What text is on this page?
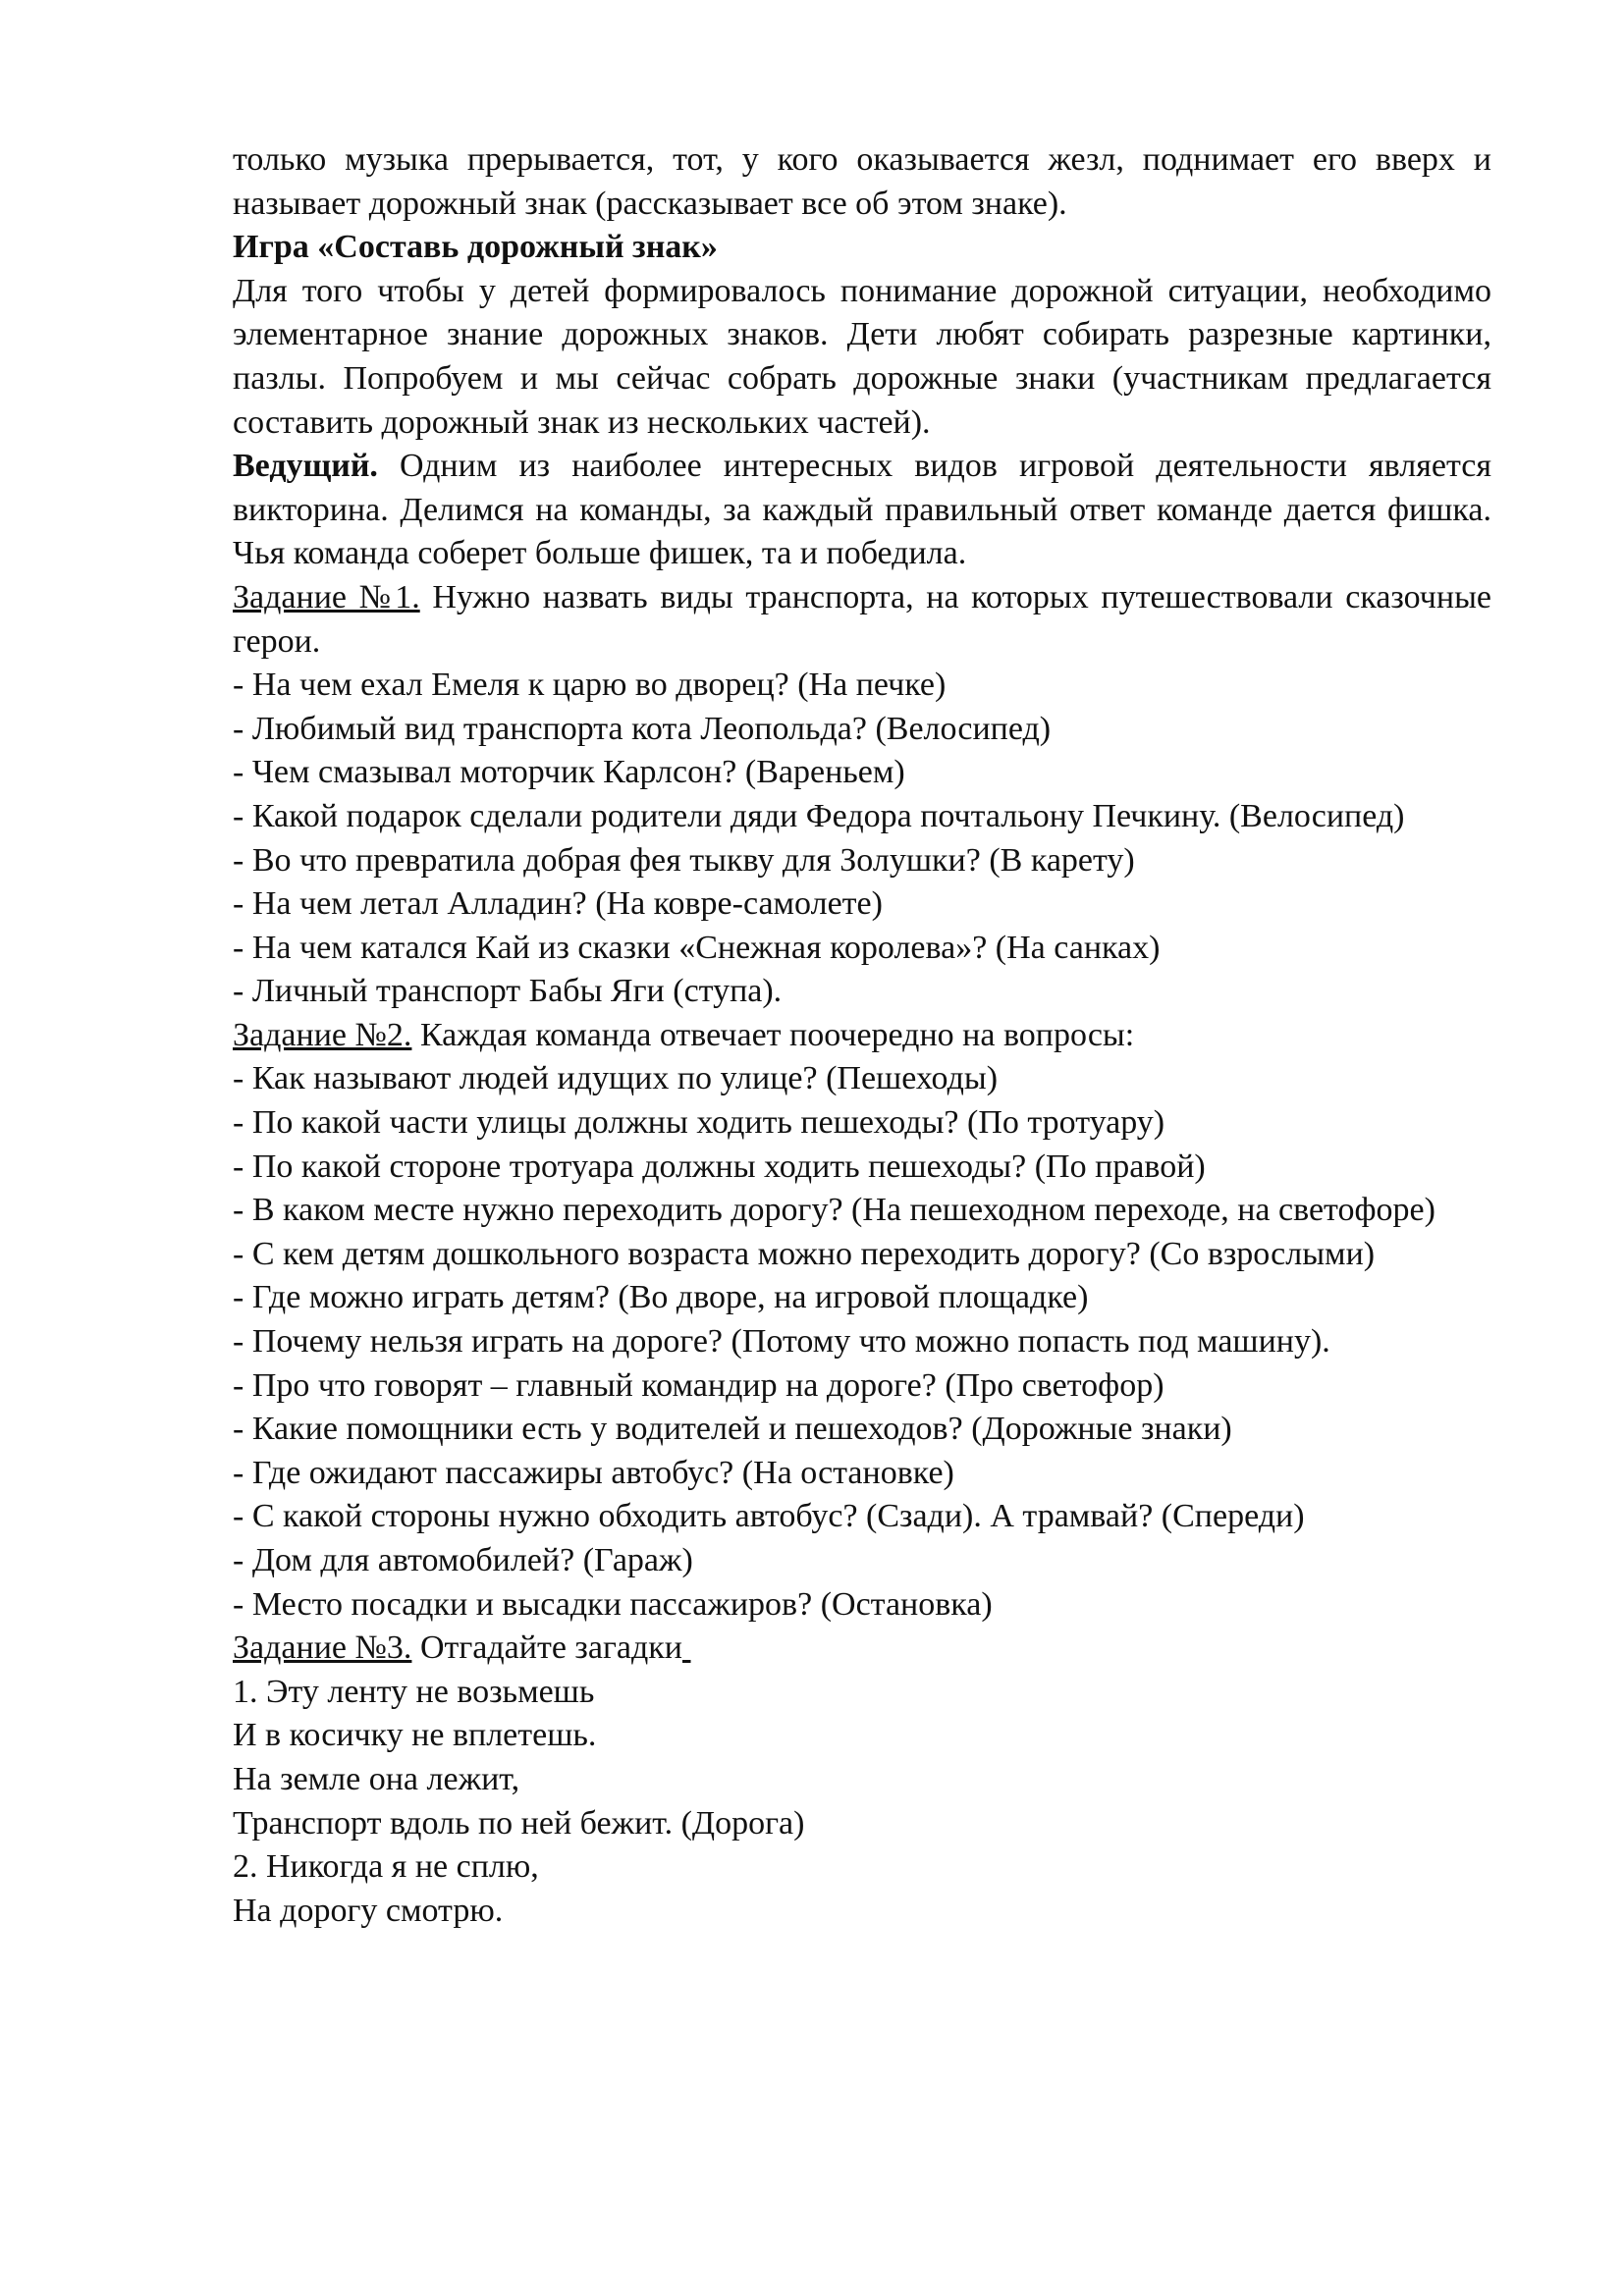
только музыка прерывается, тот, у кого оказывается жезл, поднимает его вверх и называет дорожный знак (рассказывает все об этом знаке).

Игра «Составь дорожный знак»

Для того чтобы у детей формировалось понимание дорожной ситуации, необходимо элементарное знание дорожных знаков. Дети любят собирать разрезные картинки, пазлы. Попробуем и мы сейчас собрать дорожные знаки (участникам предлагается составить дорожный знак из нескольких частей).

Ведущий. Одним из наиболее интересных видов игровой деятельности является викторина. Делимся на команды, за каждый правильный ответ команде дается фишка. Чья команда соберет больше фишек, та и победила.

Задание №1. Нужно назвать виды транспорта, на которых путешествовали сказочные герои.

- На чем ехал Емеля к царю во дворец? (На печке)

- Любимый вид транспорта кота Леопольда? (Велосипед)

- Чем смазывал моторчик Карлсон? (Вареньем)

- Какой подарок сделали родители дяди Федора почтальону Печкину. (Велосипед)

- Во что превратила добрая фея тыкву для Золушки? (В карету)

- На чем летал Алладин? (На ковре-самолете)

- На чем катался Кай из сказки «Снежная королева»? (На санках)

- Личный транспорт Бабы Яги (ступа).

Задание №2. Каждая команда отвечает поочередно на вопросы:

- Как называют людей идущих по улице? (Пешеходы)

- По какой части улицы должны ходить пешеходы? (По тротуару)

- По какой стороне тротуара должны ходить пешеходы? (По правой)

- В каком месте нужно переходить дорогу? (На пешеходном переходе, на светофоре)

- С кем детям дошкольного возраста можно переходить дорогу? (Со взрослыми)

- Где можно играть детям? (Во дворе, на игровой площадке)

- Почему нельзя играть на дороге? (Потому что можно попасть под машину).

- Про что говорят – главный командир на дороге? (Про светофор)

- Какие помощники есть у водителей и пешеходов? (Дорожные знаки)

- Где ожидают пассажиры автобус? (На остановке)

- С какой стороны нужно обходить автобус? (Сзади). А трамвай? (Спереди)

- Дом для автомобилей? (Гараж)

- Место посадки и высадки пассажиров? (Остановка)

Задание №3. Отгадайте загадки

1. Эту ленту не возьмешь

И в косичку не вплетешь.

На земле она лежит,

Транспорт вдоль по ней бежит. (Дорога)

2. Никогда я не сплю,

На дорогу смотрю.
